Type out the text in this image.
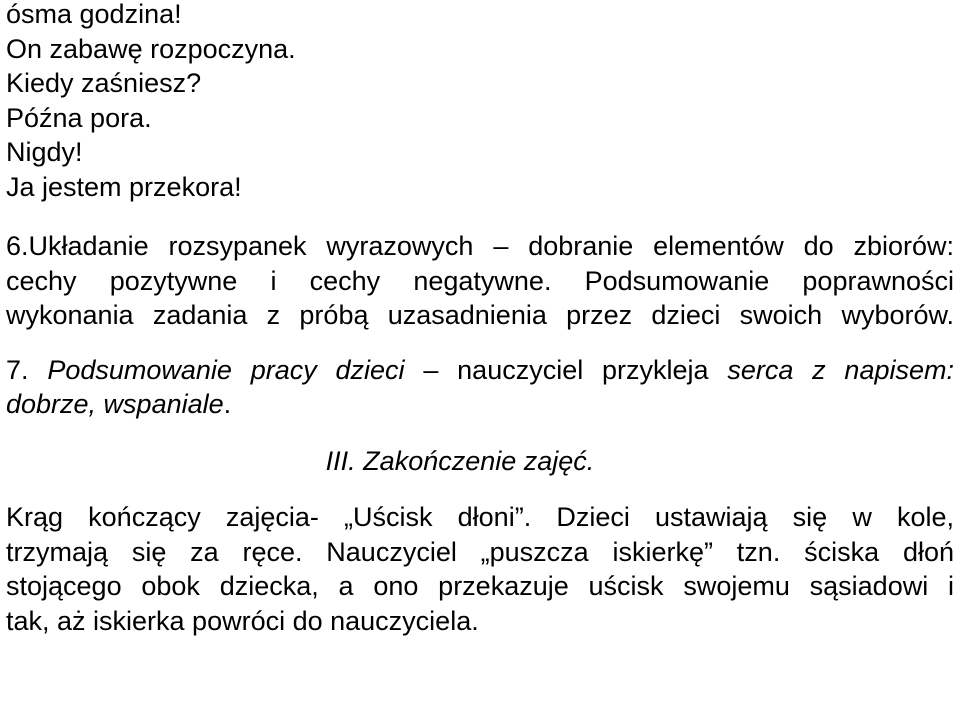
ósma godzina!
On zabawę rozpoczyna.
Kiedy zaśniesz?
Późna pora.
Nigdy!
Ja jestem przekora!
6.Układanie rozsypanek wyrazowych – dobranie elementów do zbiorów:
cechy pozytywne i cechy negatywne. Podsumowanie poprawności
wykonania zadania z próbą uzasadnienia przez dzieci swoich wyborów.
7. Podsumowanie pracy dzieci – nauczyciel przykleja serca z napisem:
dobrze, wspaniale.
III. Zakończenie zajęć.
Krąg kończący zajęcia- „Uścisk dłoni”. Dzieci ustawiają się w kole,
trzymają się za ręce. Nauczyciel „puszcza iskierkę” tzn. ściska dłoń
stojącego obok dziecka, a ono przekazuje uścisk swojemu sąsiadowi i
tak, aż iskierka powróci do nauczyciela.
